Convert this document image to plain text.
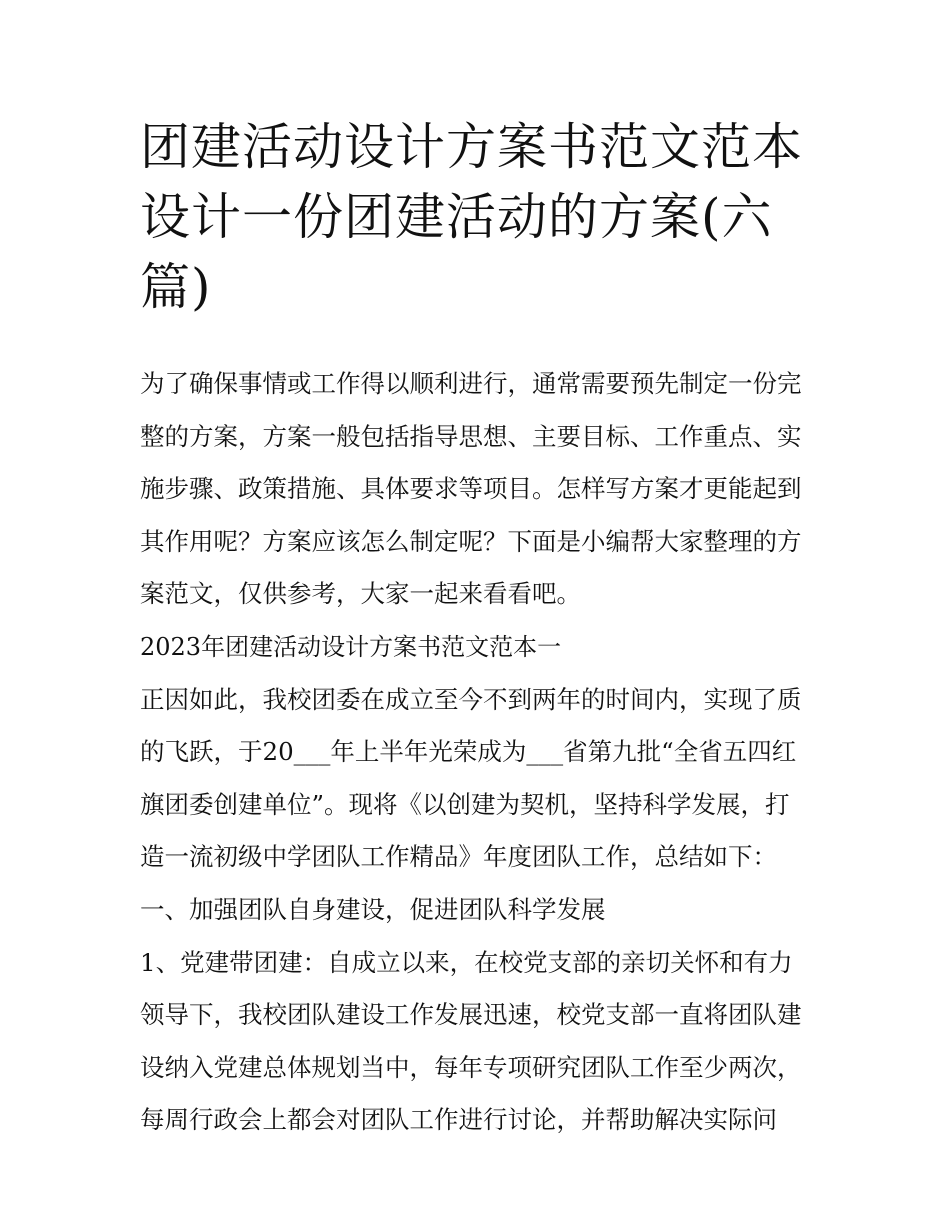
团建活动设计方案书范文范本
设计一份团建活动的方案(六
篇)
为了确保事情或工作得以顺利进行，通常需要预先制定一份完
整的方案，方案一般包括指导思想、主要目标、工作重点、实
施步骤、政策措施、具体要求等项目。怎样写方案才更能起到
其作用呢？方案应该怎么制定呢？下面是小编帮大家整理的方
案范文，仅供参考，大家一起来看看吧。
2023年团建活动设计方案书范文范本一
正因如此，我校团委在成立至今不到两年的时间内，实现了质
的飞跃，于20___年上半年光荣成为___省第九批“全省五四红
旗团委创建单位”。现将《以创建为契机，坚持科学发展，打
造一流初级中学团队工作精品》年度团队工作，总结如下：
一、加强团队自身建设，促进团队科学发展
1、党建带团建：自成立以来，在校党支部的亲切关怀和有力
领导下，我校团队建设工作发展迅速，校党支部一直将团队建
设纳入党建总体规划当中，每年专项研究团队工作至少两次，
每周行政会上都会对团队工作进行讨论，并帮助解决实际问
